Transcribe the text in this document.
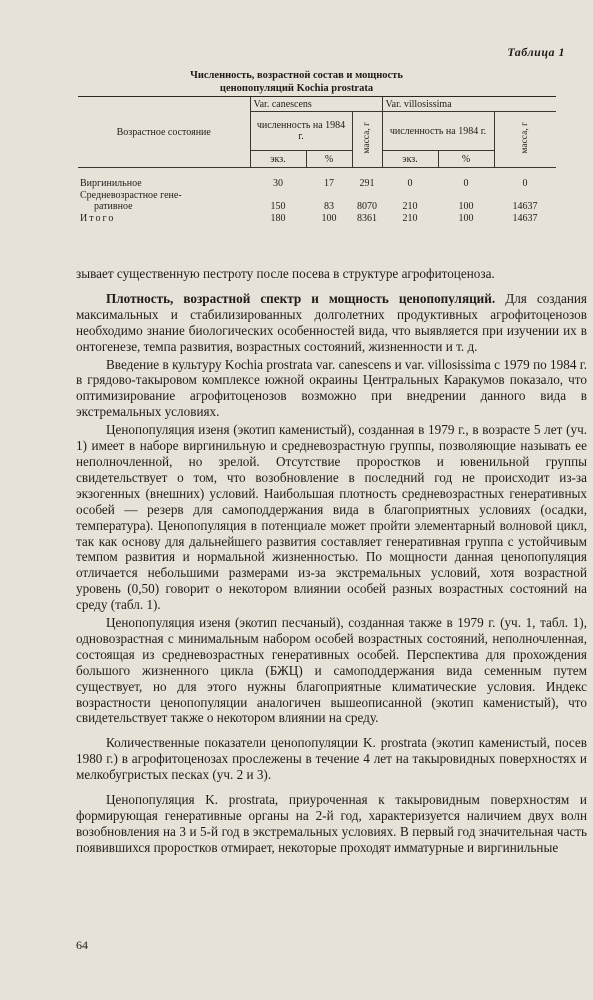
Таблица 1
Численность, возрастной состав и мощность
ценопопуляций Kochia prostrata
Возрастное состояние	Var. canescens			Var. villosissima		
	численность на 1984 г.		масса, г	численность на 1984 г.		масса, г
	экз.	%		экз.	%	
Виргинильное	30	17	291	0	0	0

Средневозрастное гене-
ративное	150	83	8070	210	100	14637
Итого	180	100	8361	210	100	14637

зывает существенную пестроту после посева в структуре агрофитоценоза.

Плотность, возрастной спектр и мощность ценопопуляций. Для создания максимальных и стабилизированных долголетних продуктивных агрофитоценозов необходимо знание биологических особенностей вида, что выявляется при изучении их в онтогенезе, темпа развития, возрастных состояний, жизненности и т. д.

Введение в культуру Kochia prostrata var. canescens и var. villosissima с 1979 по 1984 г. в грядово-такыровом комплексе южной окраины Центральных Каракумов показало, что оптимизирование агрофитоценозов возможно при внедрении данного вида в экстремальных условиях.

Ценопопуляция изеня (экотип каменистый), созданная в 1979 г., в возрасте 5 лет (уч. 1) имеет в наборе виргинильную и средневозрастную группы, позволяющие называть ее неполночленной, но зрелой. Отсутствие проростков и ювенильной группы свидетельствует о том, что возобновление в последний год не происходит из-за экзогенных (внешних) условий. Наибольшая плотность средневозрастных генеративных особей — резерв для самоподдержания вида в благоприятных условиях (осадки, температура). Ценопопуляция в потенциале может пройти элементарный волновой цикл, так как основу для дальнейшего развития составляет генеративная группа с устойчивым темпом развития и нормальной жизненностью. По мощности данная ценопопуляция отличается небольшими размерами из-за экстремальных условий, хотя возрастной уровень (0,50) говорит о некотором влиянии особей разных возрастных состояний на среду (табл. 1).

Ценопопуляция изеня (экотип песчаный), созданная также в 1979 г. (уч. 1, табл. 1), одновозрастная с минимальным набором особей возрастных состояний, неполночленная, состоящая из средневозрастных генеративных особей. Перспектива для прохождения большого жизненного цикла (БЖЦ) и самоподдержания вида семенным путем существует, но для этого нужны благоприятные климатические условия. Индекс возрастности ценопопуляции аналогичен вышеописанной (экотип каменистый), что свидетельствует также о некотором влиянии на среду.

Количественные показатели ценопопуляции K. prostrata (экотип каменистый, посев 1980 г.) в агрофитоценозах прослежены в течение 4 лет на такыровидных поверхностях и мелкобугристых песках (уч. 2 и 3).

Ценопопуляция K. prostrata, приуроченная к такыровидным поверхностям и формирующая генеративные органы на 2-й год, характеризуется наличием двух волн возобновления на 3 и 5-й год в экстремальных условиях. В первый год значительная часть появившихся проростков отмирает, некоторые проходят имматурные и виргинильные

64
